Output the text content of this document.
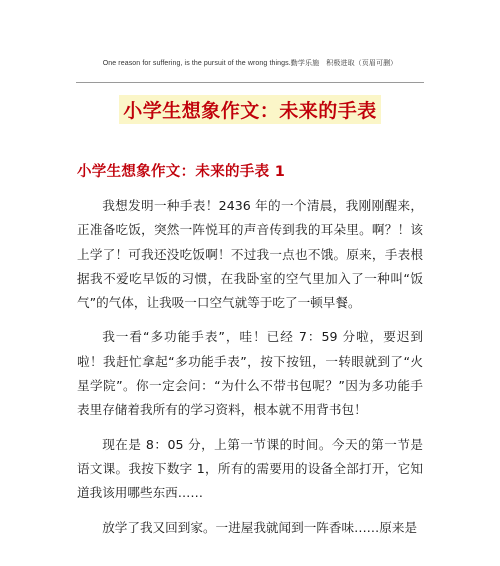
One reason for suffering, is the pursuit of the wrong things.勤学乐施　积极进取（页眉可删）
小学生想象作文：未来的手表
小学生想象作文：未来的手表 1

我想发明一种手表！2436 年的一个清晨，我刚刚醒来，正准备吃饭，突然一阵悦耳的声音传到我的耳朵里。啊？！该上学了！可我还没吃饭啊！不过我一点也不饿。原来，手表根据我不爱吃早饭的习惯，在我卧室的空气里加入了一种叫“饭气”的气体，让我吸一口空气就等于吃了一顿早餐。

我一看“多功能手表”，哇！已经 7：59 分啦，要迟到啦！我赶忙拿起“多功能手表”，按下按钮，一转眼就到了“火星学院”。你一定会问：“为什么不带书包呢？”因为多功能手表里存储着我所有的学习资料，根本就不用背书包！

现在是 8：05 分，上第一节课的时间。今天的第一节是语文课。我按下数字 1，所有的需要用的设备全部打开，它知道我该用哪些东西……

放学了我又回到家。一进屋我就闻到一阵香味……原来是
